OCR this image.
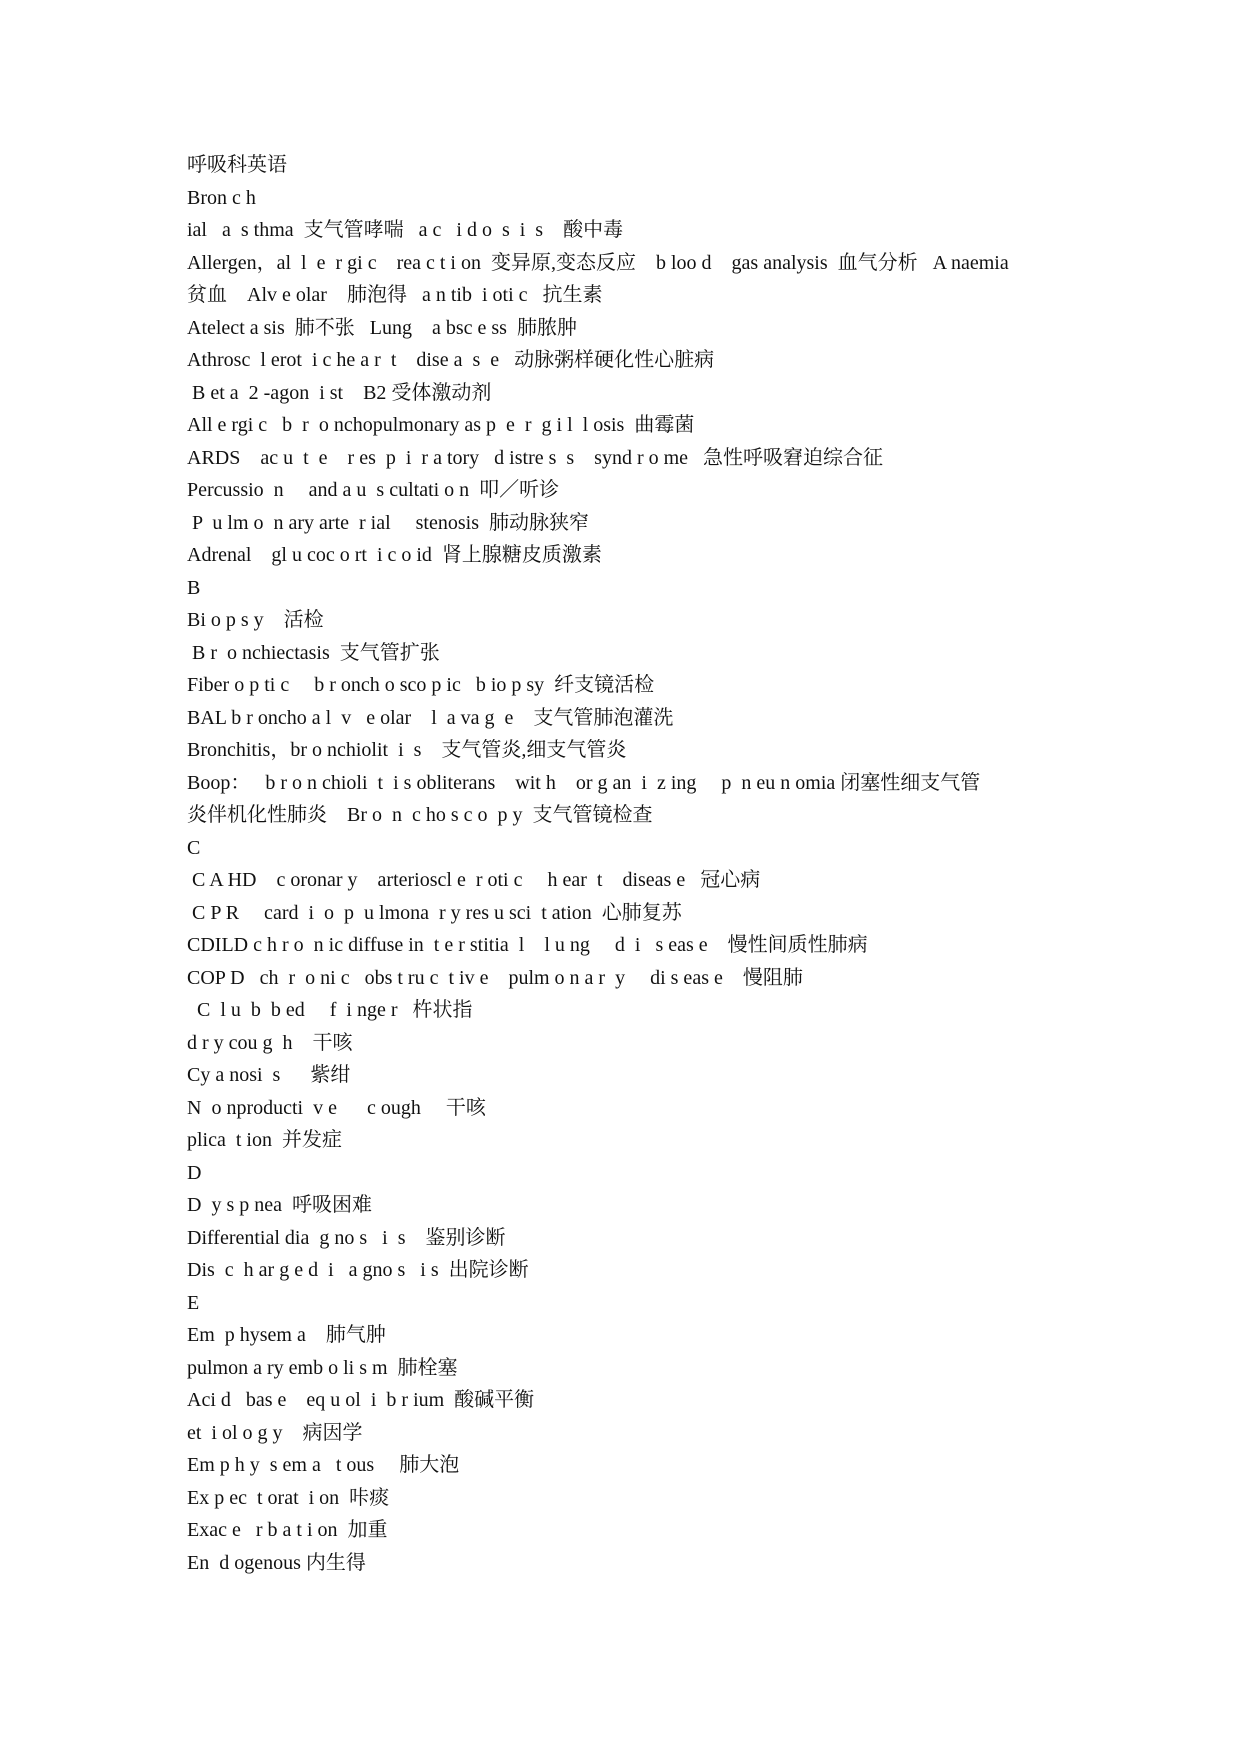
呼吸科英语
Bron c h
ial   a  s thma  支气管哮喘   a c   i d o  s  i  s    酸中毒
Allergen，al  l  e  r gi c    rea c t i on  变异原,变态反应    b loo d    gas analysis  血气分析   A naemia
贫血    Alv e olar    肺泡得   a n tib  i oti c   抗生素
Atelect a sis  肺不张   Lung    a bsc e ss  肺脓肿
Athrosc  l erot  i c he a r  t    dise a  s  e   动脉粥样硬化性心脏病
B et a  2 -agon  i st    B2 受体激动剂
All e rgi c   b  r  o nchopulmonary as p  e  r  g i l  l osis  曲霉菌
ARDS    ac u  t  e    r es  p  i  r a tory   d istre s  s    synd r o me   急性呼吸窘迫综合征
Percussio  n     and a u  s cultati o n  叩／听诊
P  u lm o  n ary arte  r ial     stenosis  肺动脉狭窄
Adrenal    gl u coc o rt  i c o id  肾上腺糖皮质激素
B
Bi o p s y    活检
B r  o nchiectasis  支气管扩张
Fiber o p ti c     b r onch o sco p ic   b io p sy  纤支镜活检
BAL b r oncho a l  v   e olar    l  a va g  e    支气管肺泡灌洗
Bronchitis，br o nchiolit  i  s    支气管炎,细支气管炎
Boop：   b r o n chioli  t  i s obliterans    wit h    or g an  i  z ing     p  n eu n omia 闭塞性细支气管
炎伴机化性肺炎    Br o  n  c ho s c o  p y  支气管镜检查
C
C A HD    c oronar y    arterioscl e  r oti c     h ear  t    diseas e   冠心病
C P R     card  i  o  p  u lmona  r y res u sci  t ation  心肺复苏
CDILD c h r o  n ic diffuse in  t e r stitia  l    l u ng     d  i   s eas e    慢性间质性肺病
COP D   ch  r  o ni c   obs t ru c  t iv e    pulm o n a r  y     di s eas e    慢阻肺
C  l u  b  b ed     f  i nge r   杵状指
d r y cou g  h    干咳
Cy a nosi  s      紫绀
N  o nproducti  v e      c ough     干咳
plica  t ion  并发症
D
D  y s p nea  呼吸困难
Differential dia  g no s   i  s    鉴别诊断
Dis  c  h ar g e d  i   a gno s   i s  出院诊断
E
Em  p hysem a    肺气肿
pulmon a ry emb o li s m  肺栓塞
Aci d   bas e    eq u ol  i  b r ium  酸碱平衡
et  i ol o g y    病因学
Em p h y  s em a   t ous     肺大泡
Ex p ec  t orat  i on  咔痰
Exac e   r b a t i on  加重
En  d ogenous 内生得
